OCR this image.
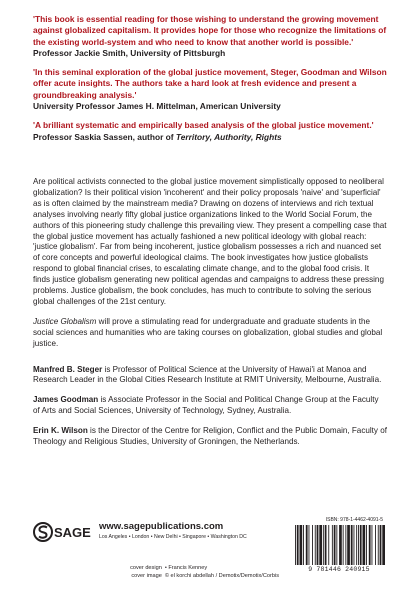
'This book is essential reading for those wishing to understand the growing movement against globalized capitalism. It provides hope for those who recognize the limitations of the existing world-system and who need to know that another world is possible.'

Professor Jackie Smith, University of Pittsburgh

'In this seminal exploration of the global justice movement, Steger, Goodman and Wilson offer acute insights. The authors take a hard look at fresh evidence and present a groundbreaking analysis.'

University Professor James H. Mittelman, American University

'A brilliant systematic and empirically based analysis of the global justice movement.'

Professor Saskia Sassen, author of Territory, Authority, Rights

Are political activists connected to the global justice movement simplistically opposed to neoliberal globalization? Is their political vision 'incoherent' and their policy proposals 'naive' and 'superficial' as is often claimed by the mainstream media? Drawing on dozens of interviews and rich textual analyses involving nearly fifty global justice organizations linked to the World Social Forum, the authors of this pioneering study challenge this prevailing view. They present a compelling case that the global justice movement has actually fashioned a new political ideology with global reach: 'justice globalism'. Far from being incoherent, justice globalism possesses a rich and nuanced set of core concepts and powerful ideological claims. The book investigates how justice globalists respond to global financial crises, to escalating climate change, and to the global food crisis. It finds justice globalism generating new political agendas and campaigns to address these pressing problems. Justice globalism, the book concludes, has much to contribute to solving the serious global challenges of the 21st century.

Justice Globalism will prove a stimulating read for undergraduate and graduate students in the social sciences and humanities who are taking courses on globalization, global studies and global justice.

Manfred B. Steger is Professor of Political Science at the University of Hawai'i at Manoa and Research Leader in the Global Cities Research Institute at RMIT University, Melbourne, Australia.

James Goodman is Associate Professor in the Social and Political Change Group at the Faculty of Arts and Social Sciences, University of Technology, Sydney, Australia.

Erin K. Wilson is the Director of the Centre for Religion, Conflict and the Public Domain, Faculty of Theology and Religious Studies, University of Groningen, the Netherlands.

SAGE www.sagepublications.com
Los Angeles • London • New Delhi • Singapore • Washington DC
cover design • Francis Kenney
cover image © el korchi abdellah / Demotix/Demotix/Corbis
ISBN: 978-1-4462-4091-5
9 781446 240915
